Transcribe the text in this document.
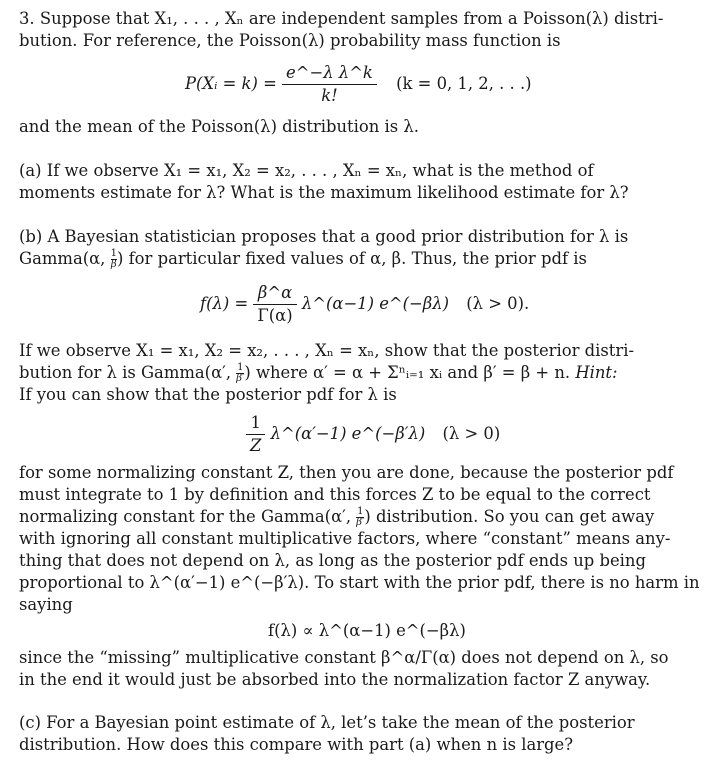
3. Suppose that X₁, . . . , Xₙ are independent samples from a Poisson(λ) distri-
bution. For reference, the Poisson(λ) probability mass function is
P(Xᵢ = $k) = \frac{\text{e\textasciicircum{}−λ λ\textasciicircum{}k}}{k!} (k = 0$, 1, 2, . . .)
and the mean of the Poisson(λ) distribution is λ.
(a) If we observe X₁ = x₁, X₂ = x₂, . . . , Xₙ = xₙ, what is the method of
moments estimate for λ? What is the maximum likelihood estimate for λ?
(b) A Bayesian statistician proposes that a good prior distribution for λ is
Gamma(α, $\frac{1}{\beta}$ ) for particular fixed values of α, β. Thus, the prior pdf is
$f(\lambda) = \frac{\beta\^{}\alpha}{\Gamma(\alpha)}$ λ^(α−1) e^(−βλ) (λ > 0).
If we observe X₁ = x₁, X₂ = x₂, . . . , Xₙ = xₙ, show that the posterior distri-
bution for λ is Gamma(α′, $\frac{1}{\beta'}$ ) where α′ = α + Σⁿᵢ₌₁ xᵢ and β′ = β + n. Hint:
If you can show that the posterior pdf for λ is
$\frac{1}{Z}$ λ^(α′−1) e^(−β′λ) (λ > 0)
for some normalizing constant Z, then you are done, because the posterior pdf
must integrate to 1 by definition and this forces Z to be equal to the correct
normalizing constant for the Gamma(α′, $\frac{1}{\beta'}$ ) distribution. So you can get away
with ignoring all constant multiplicative factors, where “constant” means any-
thing that does not depend on λ, as long as the posterior pdf ends up being
proportional to λ^(α′−1) e^(−β′λ). To start with the prior pdf, there is no harm in
saying
f(λ) ∝ λ^(α−1) e^(−βλ)
since the “missing” multiplicative constant β^α/Γ(α) does not depend on λ, so
in the end it would just be absorbed into the normalization factor Z anyway.
(c) For a Bayesian point estimate of λ, let’s take the mean of the posterior
distribution. How does this compare with part (a) when n is large?
